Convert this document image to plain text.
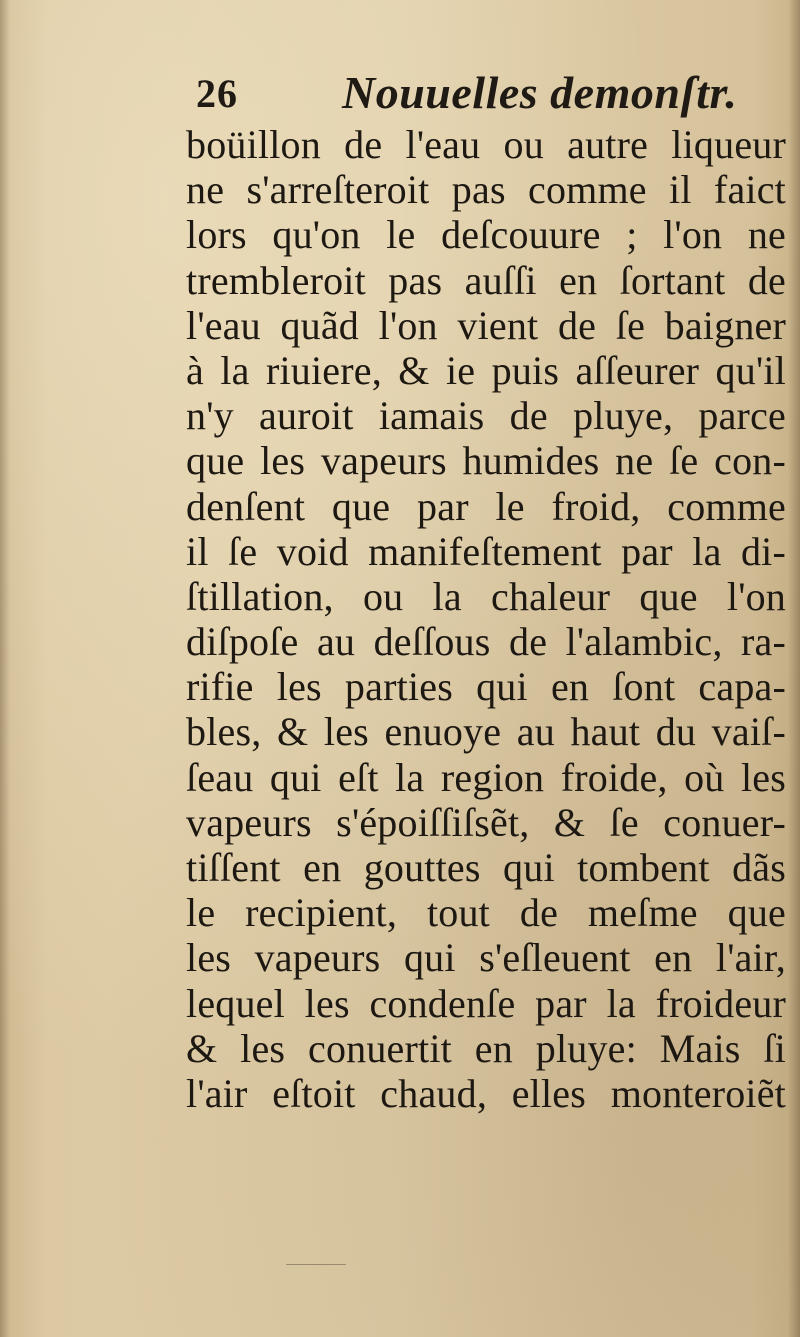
26 Nouuelles demonſtr.
boüillon de l'eau ou autre liqueur
ne s'arreſteroit pas comme il faict
lors qu'on le deſcouure ; l'on ne
trembleroit pas auſſi en ſortant de
l'eau quãd l'on vient de ſe baigner
à la riuiere, & ie puis aſſeurer qu'il
n'y auroit iamais de pluye, parce
que les vapeurs humides ne ſe con-
denſent que par le froid, comme
il ſe void manifeſtement par la di-
ſtillation, ou la chaleur que l'on
diſpoſe au deſſous de l'alambic, ra-
rifie les parties qui en ſont capa-
bles, & les enuoye au haut du vaiſ-
ſeau qui eſt la region froide, où les
vapeurs s'époiſſiſsẽt, & ſe conuer-
tiſſent en gouttes qui tombent dãs
le recipient, tout de meſme que
les vapeurs qui s'eſleuent en l'air,
lequel les condenſe par la froideur
& les conuertit en pluye: Mais ſi
l'air eſtoit chaud, elles monteroiẽt
